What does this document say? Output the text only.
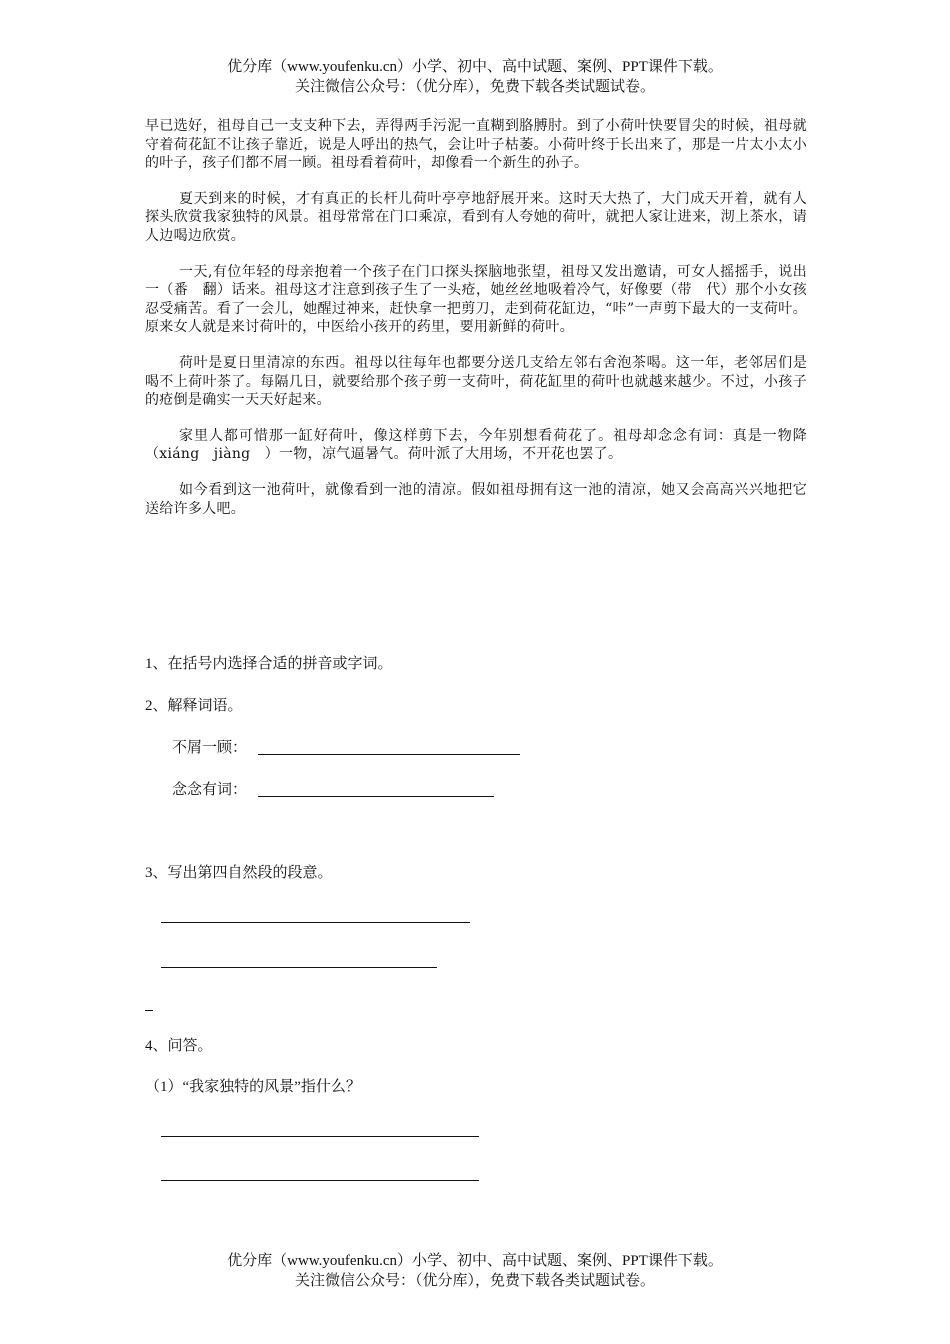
优分库（www.youfenku.cn）小学、初中、高中试题、案例、PPT课件下载。
关注微信公众号：（优分库），免费下载各类试题试卷。

早已选好，祖母自己一支支种下去，弄得两手污泥一直糊到胳膊肘。到了小荷叶快要冒尖的时候，祖母就守着荷花缸不让孩子靠近，说是人呼出的热气，会让叶子枯萎。小荷叶终于长出来了，那是一片太小太小的叶子，孩子们都不屑一顾。祖母看着荷叶，却像看一个新生的孙子。

夏天到来的时候，才有真正的长杆儿荷叶亭亭地舒展开来。这时天大热了，大门成天开着，就有人探头欣赏我家独特的风景。祖母常常在门口乘凉，看到有人夸她的荷叶，就把人家让进来，沏上茶水，请人边喝边欣赏。

一天,有位年轻的母亲抱着一个孩子在门口探头探脑地张望，祖母又发出邀请，可女人摇摇手，说出一（番　翻）话来。祖母这才注意到孩子生了一头疮，她丝丝地吸着冷气，好像要（带　代）那个小女孩忍受痛苦。看了一会儿，她醒过神来，赶快拿一把剪刀，走到荷花缸边，“咔”一声剪下最大的一支荷叶。原来女人就是来讨荷叶的，中医给小孩开的药里，要用新鲜的荷叶。

荷叶是夏日里清凉的东西。祖母以往每年也都要分送几支给左邻右舍泡茶喝。这一年，老邻居们是喝不上荷叶茶了。每隔几日，就要给那个孩子剪一支荷叶，荷花缸里的荷叶也就越来越少。不过，小孩子的疮倒是确实一天天好起来。

家里人都可惜那一缸好荷叶，像这样剪下去，今年别想看荷花了。祖母却念念有词：真是一物降（xiáng　jiàng　）一物，凉气逼暑气。荷叶派了大用场，不开花也罢了。

如今看到这一池荷叶，就像看到一池的清凉。假如祖母拥有这一池的清凉，她又会高高兴兴地把它送给许多人吧。

1、在括号内选择合适的拼音或字词。
2、解释词语。
不屑一顾：
念念有词：
3、写出第四自然段的段意。
4、问答。
（1）“我家独特的风景”指什么？
优分库（www.youfenku.cn）小学、初中、高中试题、案例、PPT课件下载。
关注微信公众号：（优分库），免费下载各类试题试卷。
